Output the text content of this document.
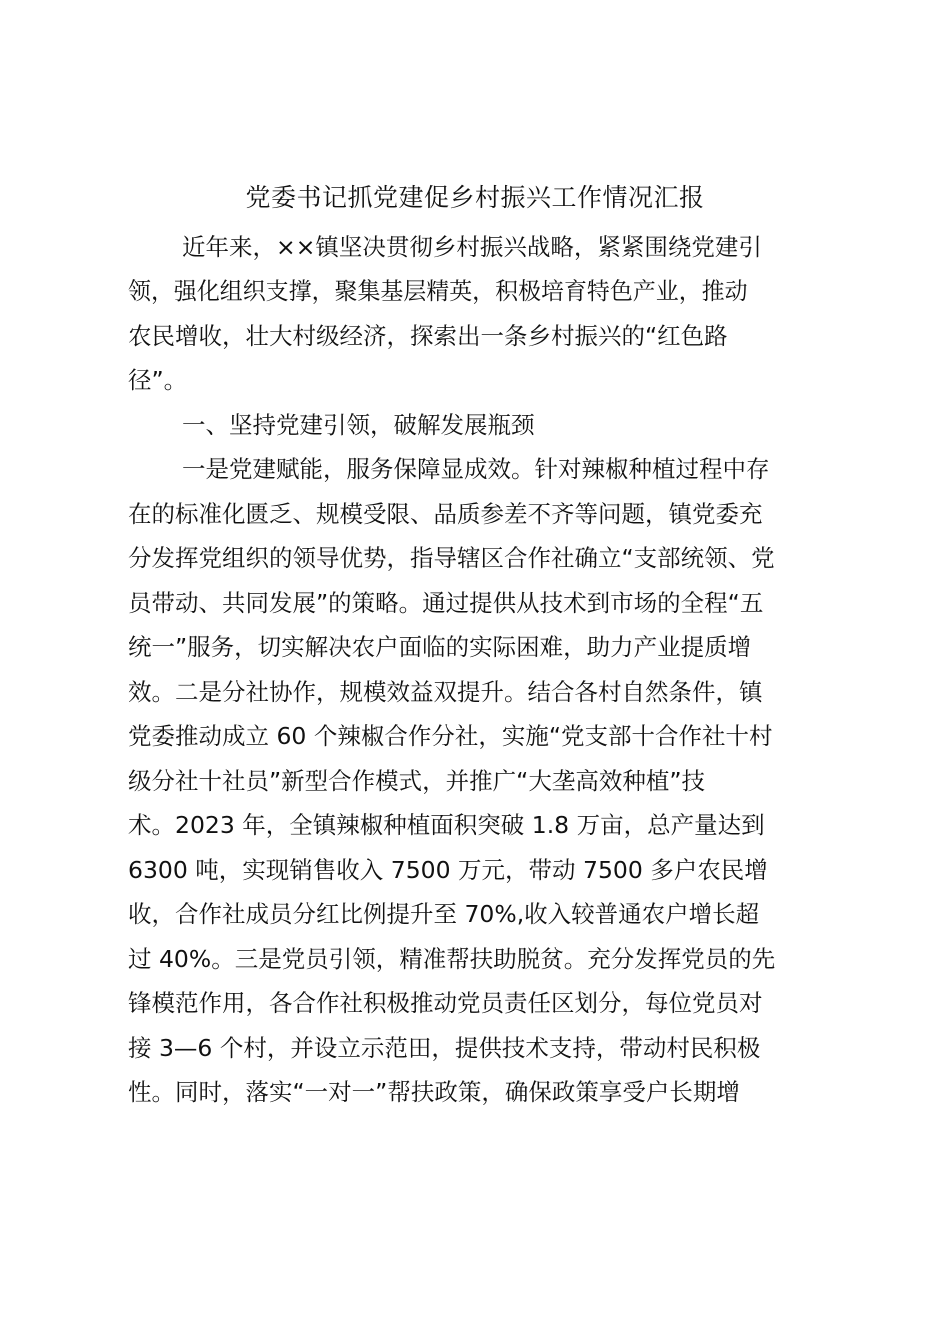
党委书记抓党建促乡村振兴工作情况汇报
近年来，××镇坚决贯彻乡村振兴战略，紧紧围绕党建引
领，强化组织支撑，聚集基层精英，积极培育特色产业，推动
农民增收，壮大村级经济，探索出一条乡村振兴的“红色路
径”。
一、坚持党建引领，破解发展瓶颈
一是党建赋能，服务保障显成效。针对辣椒种植过程中存
在的标准化匮乏、规模受限、品质参差不齐等问题，镇党委充
分发挥党组织的领导优势，指导辖区合作社确立“支部统领、党
员带动、共同发展”的策略。通过提供从技术到市场的全程“五
统一”服务，切实解决农户面临的实际困难，助力产业提质增
效。二是分社协作，规模效益双提升。结合各村自然条件，镇
党委推动成立 60 个辣椒合作分社，实施“党支部十合作社十村
级分社十社员”新型合作模式，并推广“大垄高效种植”技
术。2023 年，全镇辣椒种植面积突破 1.8 万亩，总产量达到
6300 吨，实现销售收入 7500 万元，带动 7500 多户农民增
收，合作社成员分红比例提升至 70%,收入较普通农户增长超
过 40%。三是党员引领，精准帮扶助脱贫。充分发挥党员的先
锋模范作用，各合作社积极推动党员责任区划分，每位党员对
接 3—6 个村，并设立示范田，提供技术支持，带动村民积极
性。同时，落实“一对一”帮扶政策，确保政策享受户长期增
